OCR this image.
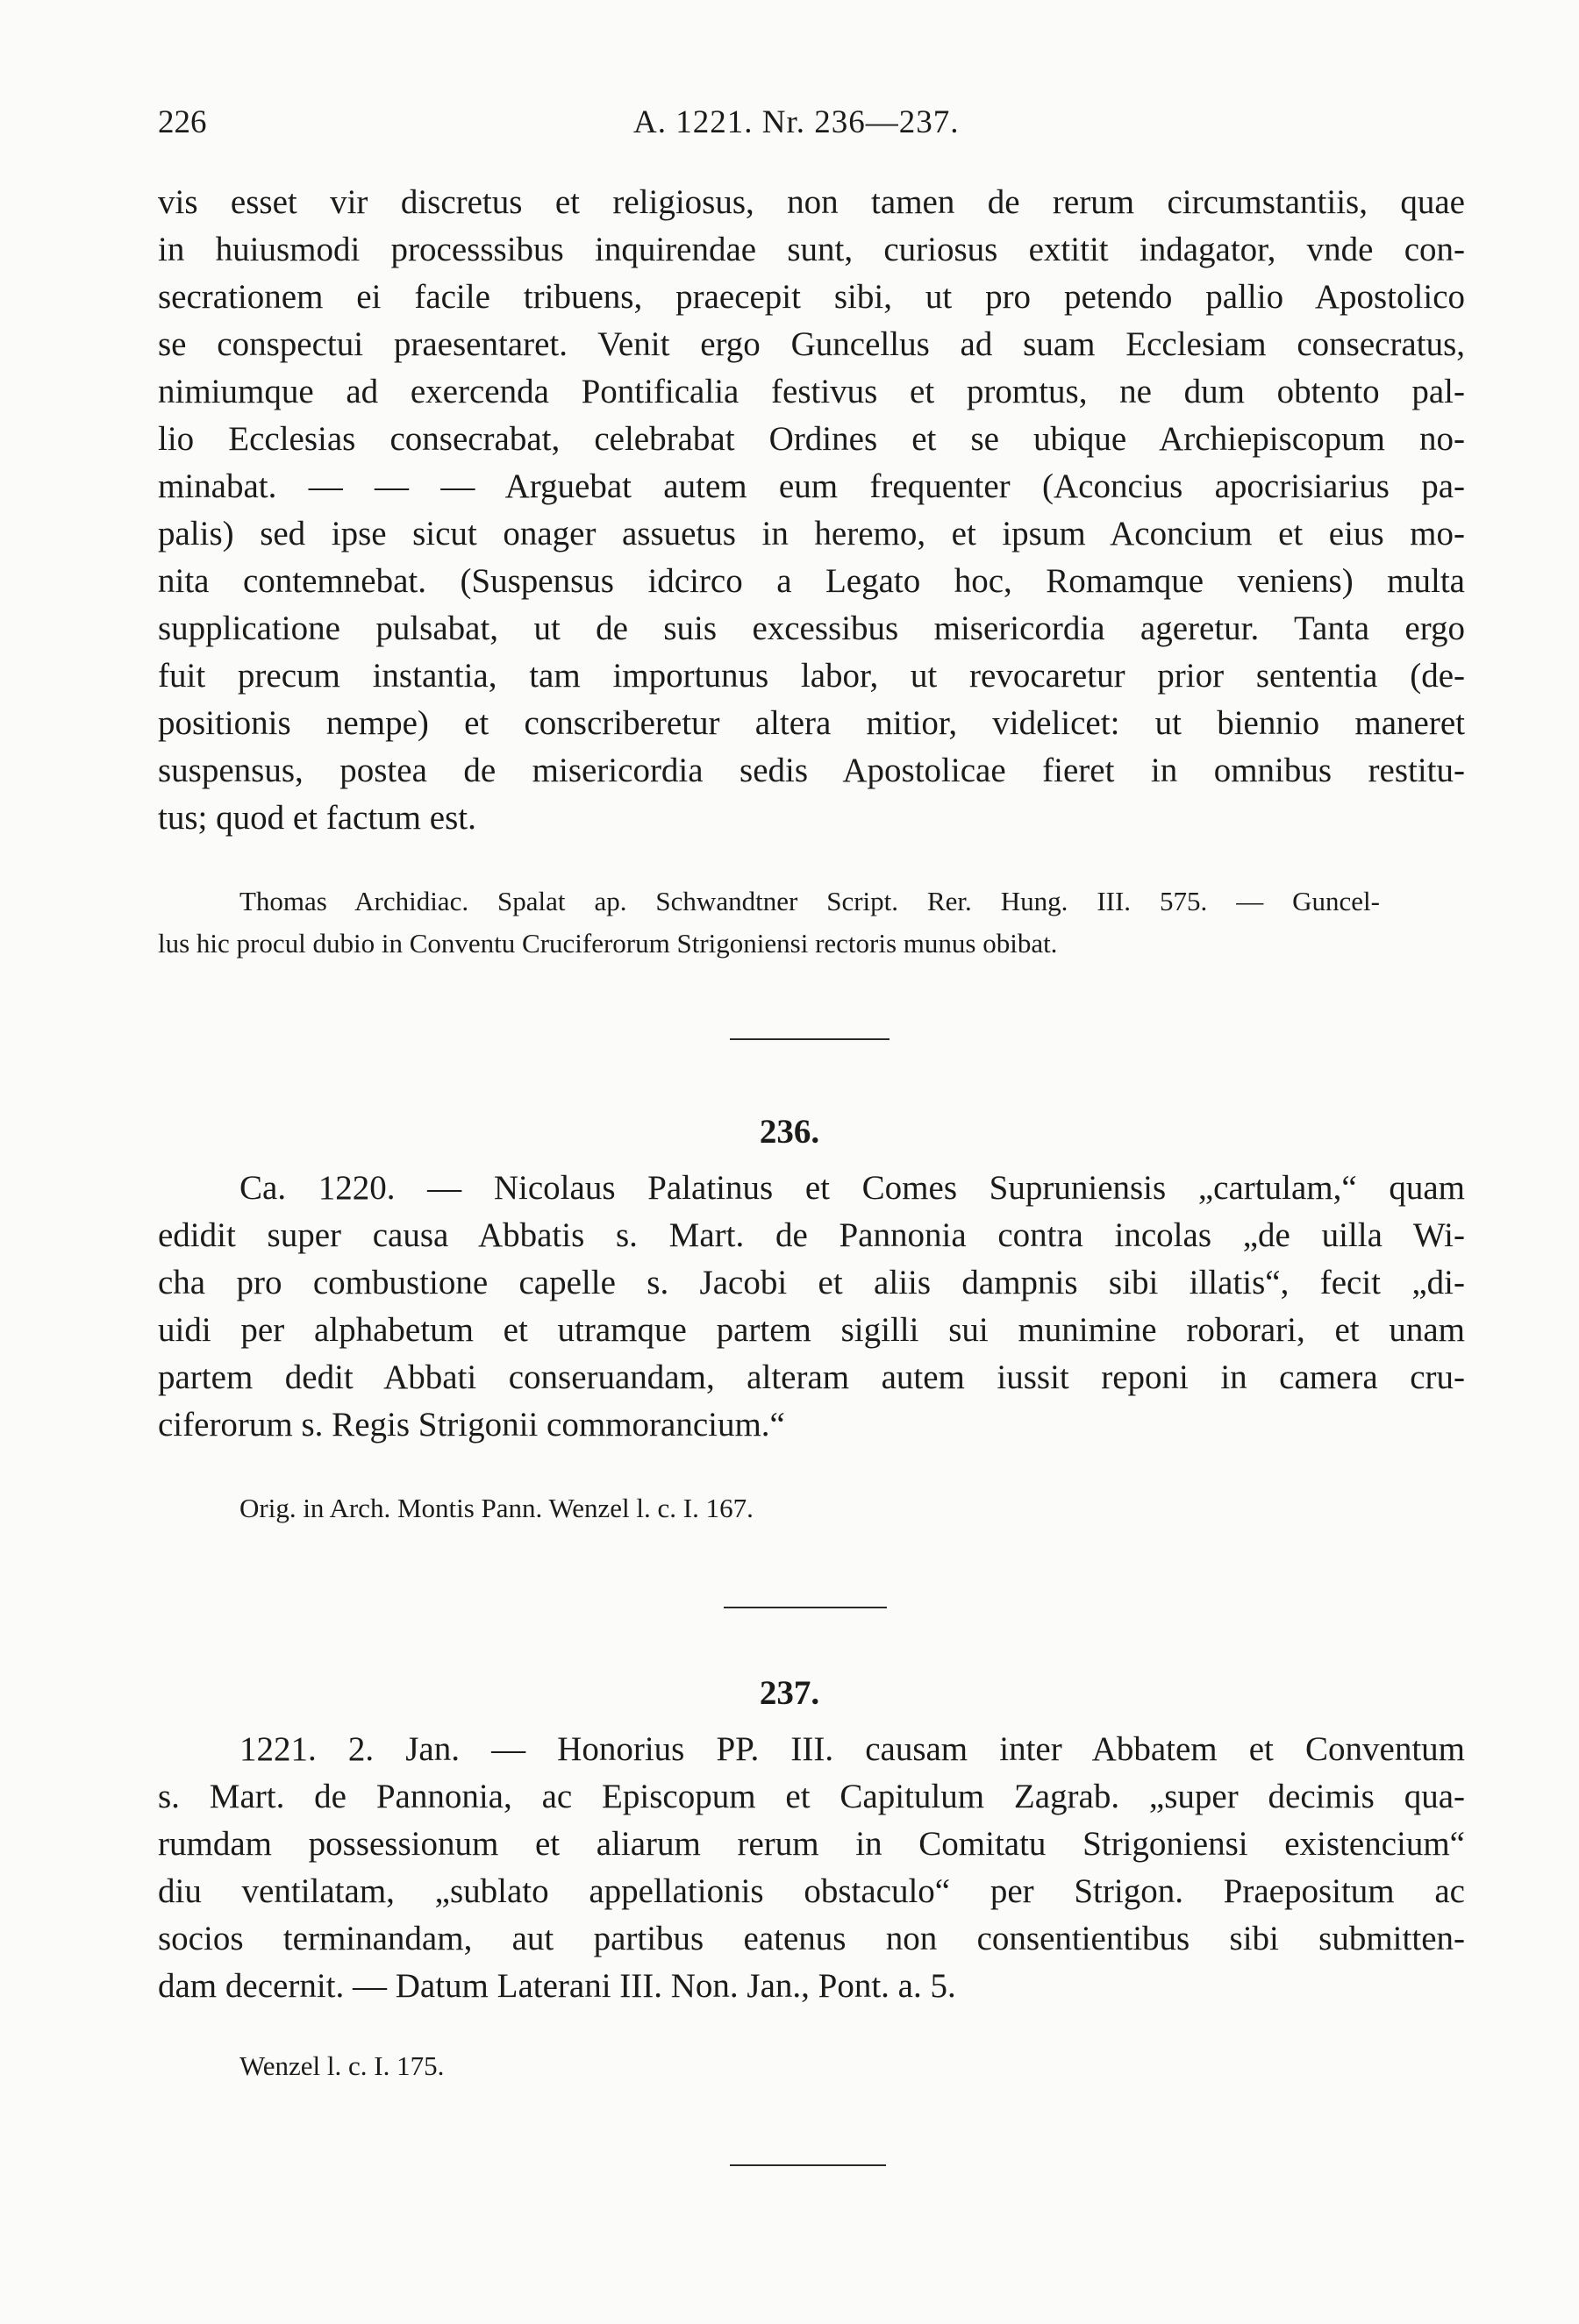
226	A. 1221. Nr. 236—237.
vis esset vir discretus et religiosus, non tamen de rerum circumstantiis, quae
in huiusmodi processsibus inquirendae sunt, curiosus extitit indagator, vnde con-
secrationem ei facile tribuens, praecepit sibi, ut pro petendo pallio Apostolico
se conspectui praesentaret. Venit ergo Guncellus ad suam Ecclesiam consecratus,
nimiumque ad exercenda Pontificalia festivus et promtus, ne dum obtento pal-
lio Ecclesias consecrabat, celebrabat Ordines et se ubique Archiepiscopum no-
minabat. — — — Arguebat autem eum frequenter (Aconcius apocrisiarius pa-
palis) sed ipse sicut onager assuetus in heremo, et ipsum Aconcium et eius mo-
nita contemnebat. (Suspensus idcirco a Legato hoc, Romamque veniens) multa
supplicatione pulsabat, ut de suis excessibus misericordia ageretur. Tanta ergo
fuit precum instantia, tam importunus labor, ut revocaretur prior sententia (de-
positionis nempe) et conscriberetur altera mitior, videlicet: ut biennio maneret
suspensus, postea de misericordia sedis Apostolicae fieret in omnibus restitu-
tus; quod et factum est.
Thomas Archidiac. Spalat ap. Schwandtner Script. Rer. Hung. III. 575. — Guncel-
lus hic procul dubio in Conventu Cruciferorum Strigoniensi rectoris munus obibat.
236.
Ca. 1220. — Nicolaus Palatinus et Comes Supruniensis „cartulam,“ quam
edidit super causa Abbatis s. Mart. de Pannonia contra incolas „de uilla Wi-
cha pro combustione capelle s. Jacobi et aliis dampnis sibi illatis“, fecit „di-
uidi per alphabetum et utramque partem sigilli sui munimine roborari, et unam
partem dedit Abbati conseruandam, alteram autem iussit reponi in camera cru-
ciferorum s. Regis Strigonii commorancium.“
Orig. in Arch. Montis Pann. Wenzel l. c. I. 167.
237.
1221. 2. Jan. — Honorius PP. III. causam inter Abbatem et Conventum
s. Mart. de Pannonia, ac Episcopum et Capitulum Zagrab. „super decimis qua-
rumdam possessionum et aliarum rerum in Comitatu Strigoniensi existencium“
diu ventilatam, „sublato appellationis obstaculo“ per Strigon. Praepositum ac
socios terminandam, aut partibus eatenus non consentientibus sibi submitten-
dam decernit. — Datum Laterani III. Non. Jan., Pont. a. 5.
Wenzel l. c. I. 175.
